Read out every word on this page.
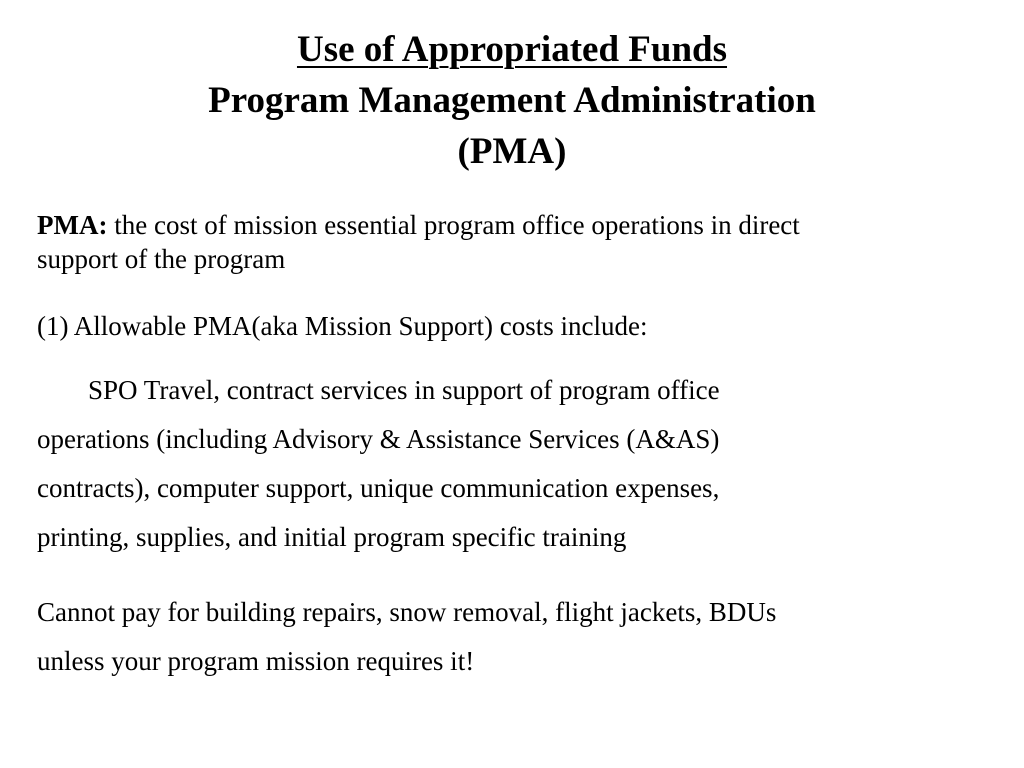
Use of Appropriated Funds
Program Management Administration
(PMA)
PMA: the cost of mission essential program office operations in direct
support of the program
(1) Allowable PMA(aka Mission Support) costs include:
SPO Travel, contract services in support of program office
operations (including Advisory & Assistance Services (A&AS)
contracts), computer support, unique communication expenses,
printing, supplies, and initial program specific training
Cannot pay for building repairs, snow removal, flight jackets, BDUs
unless your program mission requires it!
